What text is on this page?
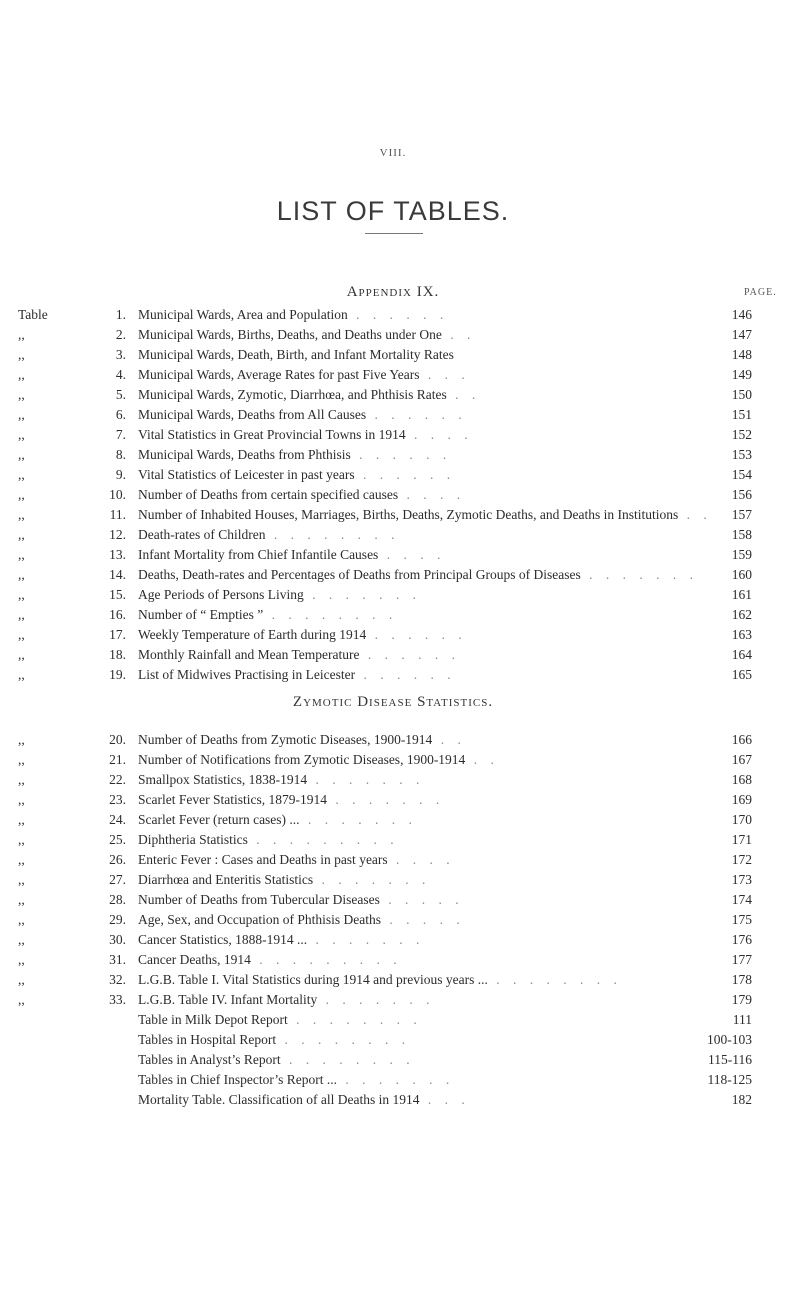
VIII.
LIST OF TABLES.
Appendix IX.	PAGE.
Table	1. Municipal Wards, Area and Population . . . . . .	146
,,	2. Municipal Wards, Births, Deaths, and Deaths under One . .	147
,,	3. Municipal Wards, Death, Birth, and Infant Mortality Rates	148
,,	4. Municipal Wards, Average Rates for past Five Years . . .	149
,,	5. Municipal Wards, Zymotic, Diarrhœa, and Phthisis Rates . .	150
,,	6. Municipal Wards, Deaths from All Causes . . . . . .	151
,,	7. Vital Statistics in Great Provincial Towns in 1914 . . . .	152
,,	8. Municipal Wards, Deaths from Phthisis . . . . . .	153
,,	9. Vital Statistics of Leicester in past years . . . . . .	154
,,	10. Number of Deaths from certain specified causes . . . .	156
,,	11. Number of Inhabited Houses, Marriages, Births, Deaths, Zymotic Deaths, and Deaths in Institutions . .	157
,,	12. Death-rates of Children . . . . . . . .	158
,,	13. Infant Mortality from Chief Infantile Causes . . . .	159
,,	14. Deaths, Death-rates and Percentages of Deaths from Principal Groups of Diseases . . . . . . .	160
,,	15. Age Periods of Persons Living . . . . . . .	161
,,	16. Number of “ Empties ” . . . . . . . .	162
,,	17. Weekly Temperature of Earth during 1914 . . . . . .	163
,,	18. Monthly Rainfall and Mean Temperature . . . . . .	164
,,	19. List of Midwives Practising in Leicester . . . . . .	165
Zymotic Disease Statistics.
,,	20. Number of Deaths from Zymotic Diseases, 1900-1914 . .	166
,,	21. Number of Notifications from Zymotic Diseases, 1900-1914 . .	167
,,	22. Smallpox Statistics, 1838-1914 . . . . . . .	168
,,	23. Scarlet Fever Statistics, 1879-1914 . . . . . . .	169
,,	24. Scarlet Fever (return cases) ... . . . . . . .	170
,,	25. Diphtheria Statistics . . . . . . . . .	171
,,	26. Enteric Fever : Cases and Deaths in past years . . . .	172
,,	27. Diarrhœa and Enteritis Statistics . . . . . . .	173
,,	28. Number of Deaths from Tubercular Diseases . . . . .	174
,,	29. Age, Sex, and Occupation of Phthisis Deaths . . . . .	175
,,	30. Cancer Statistics, 1888-1914 ... . . . . . . .	176
,,	31. Cancer Deaths, 1914 . . . . . . . . .	177
,,	32. L.G.B. Table I. Vital Statistics during 1914 and previous years ... . . . . . . . .	178
,,	33. L.G.B. Table IV. Infant Mortality . . . . . . .	179
Table in Milk Depot Report . . . . . . . .	111
Tables in Hospital Report . . . . . . . .	100-103
Tables in Analyst’s Report . . . . . . . .	115-116
Tables in Chief Inspector’s Report ... . . . . . . .	118-125
Mortality Table. Classification of all Deaths in 1914 . . .	182
